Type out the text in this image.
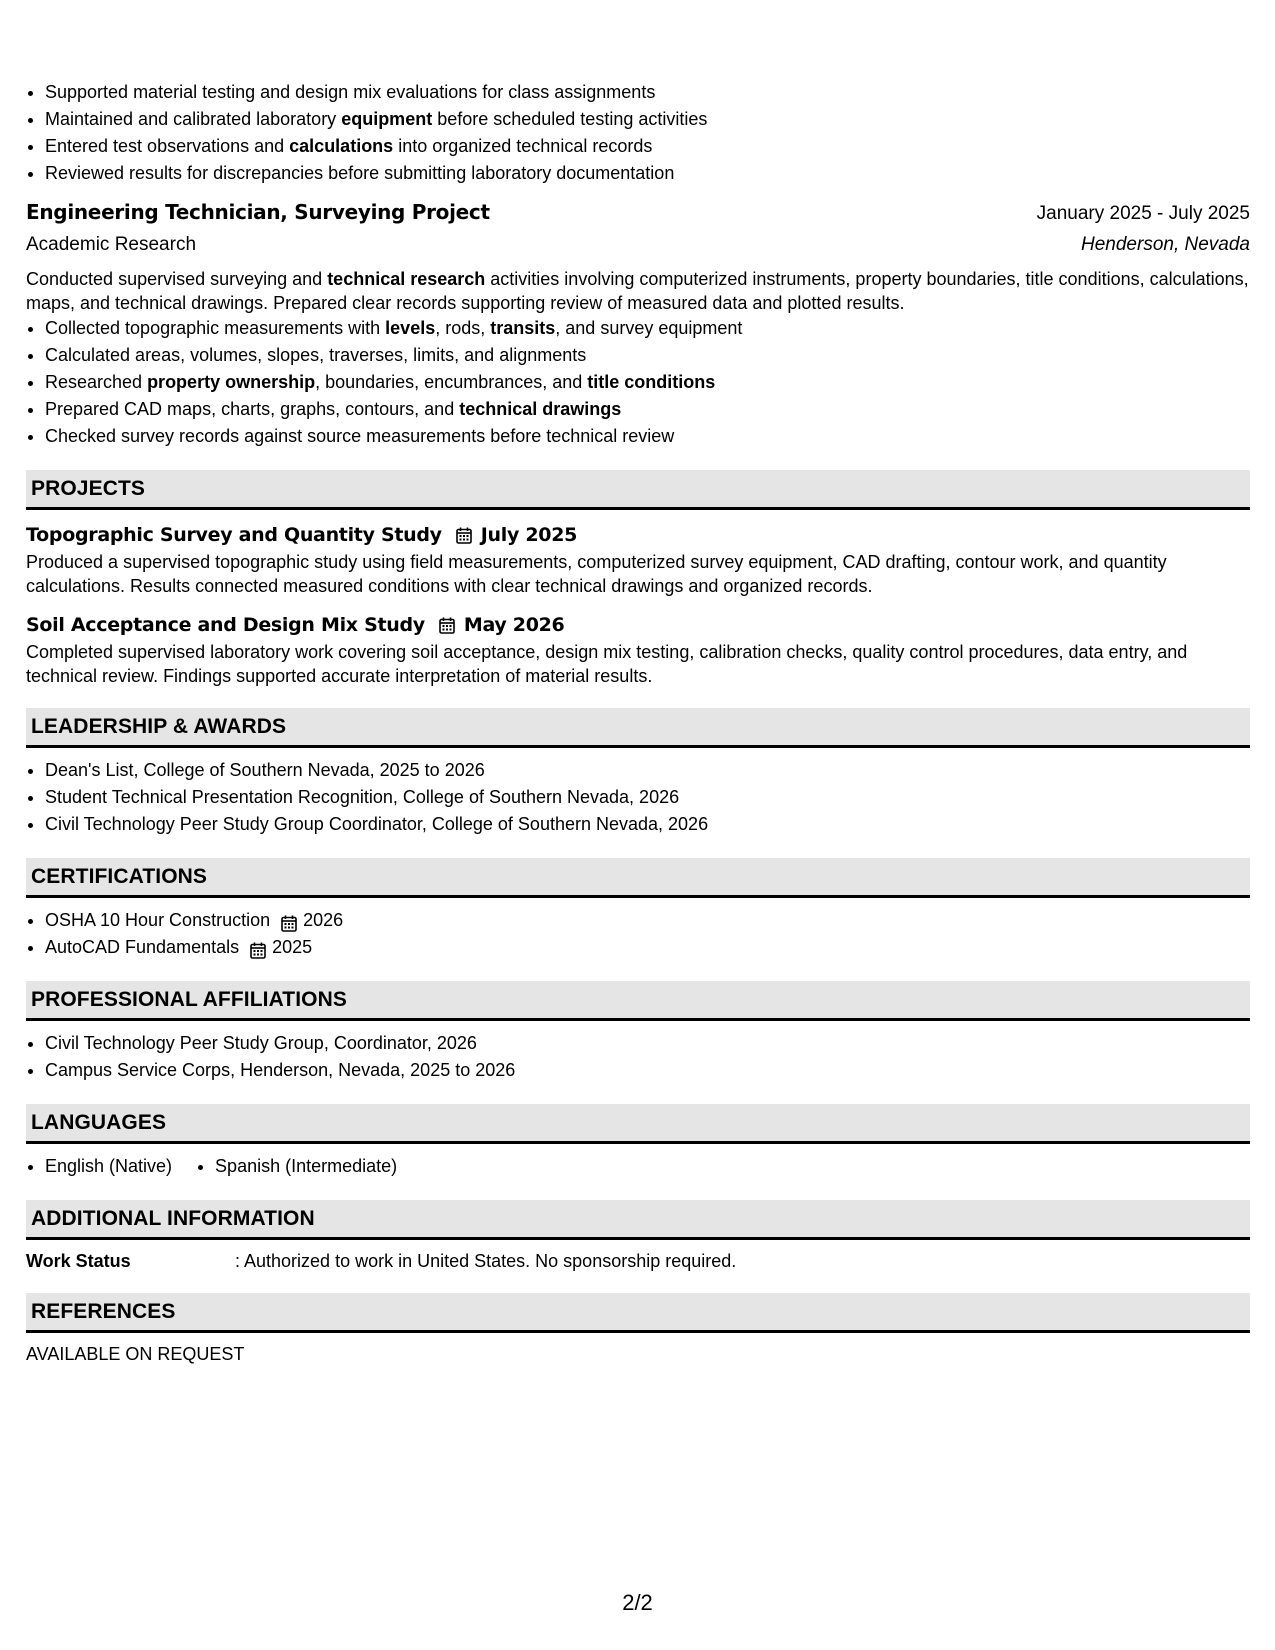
• Supported material testing and design mix evaluations for class assignments
• Maintained and calibrated laboratory equipment before scheduled testing activities
• Entered test observations and calculations into organized technical records
• Reviewed results for discrepancies before submitting laboratory documentation
Engineering Technician, Surveying Project	January 2025 - July 2025
Academic Research	Henderson, Nevada
Conducted supervised surveying and technical research activities involving computerized instruments, property boundaries, title conditions, calculations, maps, and technical drawings. Prepared clear records supporting review of measured data and plotted results.
• Collected topographic measurements with levels, rods, transits, and survey equipment
• Calculated areas, volumes, slopes, traverses, limits, and alignments
• Researched property ownership, boundaries, encumbrances, and title conditions
• Prepared CAD maps, charts, graphs, contours, and technical drawings
• Checked survey records against source measurements before technical review
PROJECTS
Topographic Survey and Quantity Study July 2025
Produced a supervised topographic study using field measurements, computerized survey equipment, CAD drafting, contour work, and quantity calculations. Results connected measured conditions with clear technical drawings and organized records.
Soil Acceptance and Design Mix Study May 2026
Completed supervised laboratory work covering soil acceptance, design mix testing, calibration checks, quality control procedures, data entry, and technical review. Findings supported accurate interpretation of material results.
LEADERSHIP & AWARDS
• Dean's List, College of Southern Nevada, 2025 to 2026
• Student Technical Presentation Recognition, College of Southern Nevada, 2026
• Civil Technology Peer Study Group Coordinator, College of Southern Nevada, 2026
CERTIFICATIONS
• OSHA 10 Hour Construction 2026
• AutoCAD Fundamentals 2025
PROFESSIONAL AFFILIATIONS
• Civil Technology Peer Study Group, Coordinator, 2026
• Campus Service Corps, Henderson, Nevada, 2025 to 2026
LANGUAGES
• English (Native)
• Spanish (Intermediate)
ADDITIONAL INFORMATION
Work Status	: Authorized to work in United States. No sponsorship required.
REFERENCES
AVAILABLE ON REQUEST
2/2
